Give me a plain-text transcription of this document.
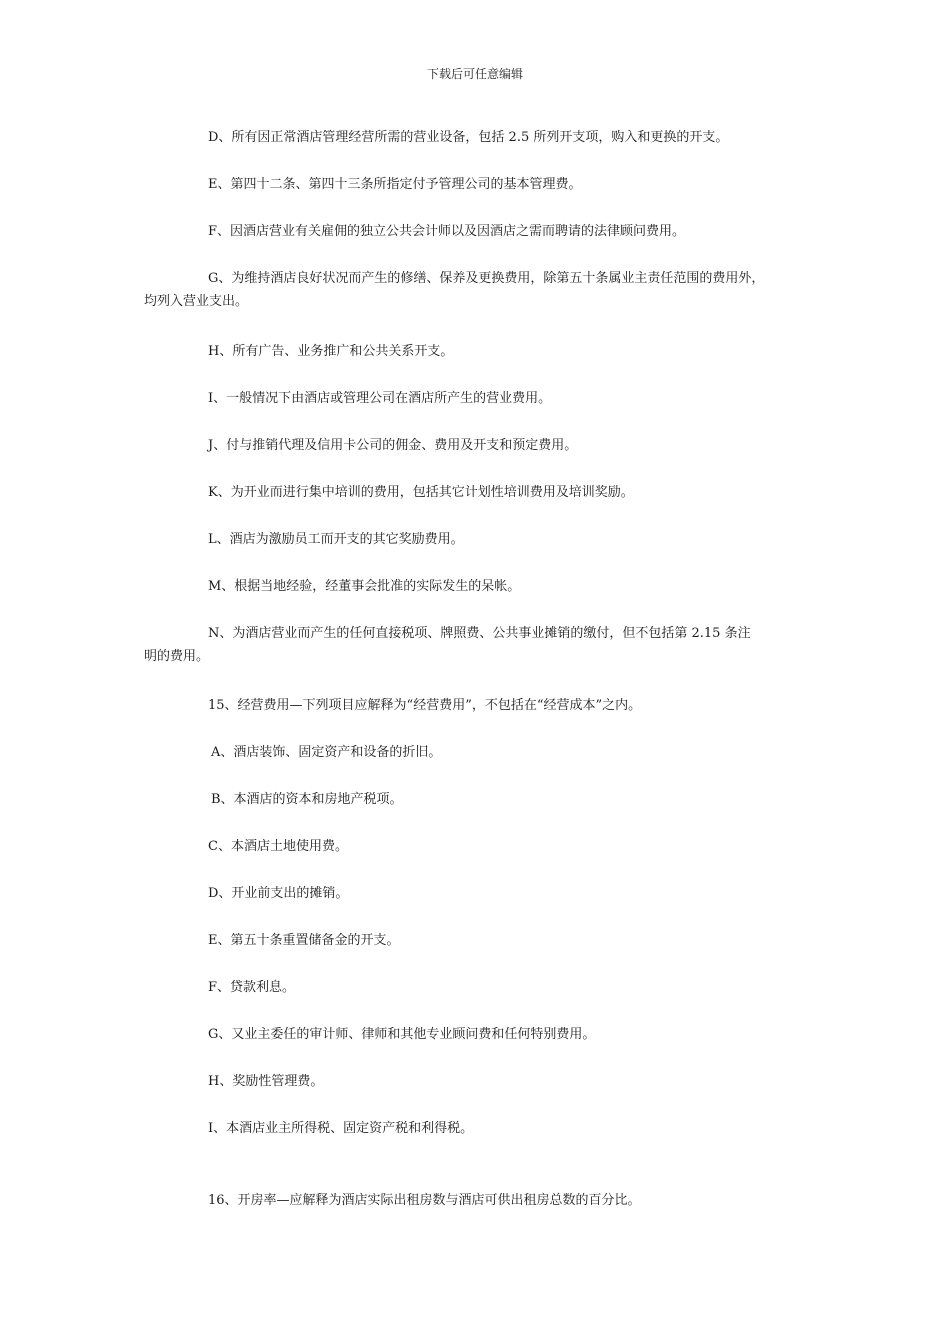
下载后可任意编辑

D、所有因正常酒店管理经营所需的营业设备，包括 2.5 所列开支项，购入和更换的开支。

E、第四十二条、第四十三条所指定付予管理公司的基本管理费。

F、因酒店营业有关雇佣的独立公共会计师以及因酒店之需而聘请的法律顾问费用。

G、为维持酒店良好状况而产生的修缮、保养及更换费用，除第五十条属业主责任范围的费用外，
均列入营业支出。

H、所有广告、业务推广和公共关系开支。

I、一般情况下由酒店或管理公司在酒店所产生的营业费用。

J、付与推销代理及信用卡公司的佣金、费用及开支和预定费用。

K、为开业而进行集中培训的费用，包括其它计划性培训费用及培训奖励。

L、酒店为激励员工而开支的其它奖励费用。

M、根据当地经验，经董事会批准的实际发生的呆帐。

N、为酒店营业而产生的任何直接税项、牌照费、公共事业摊销的缴付，但不包括第 2.15 条注
明的费用。

15、经营费用—下列项目应解释为“经营费用”，不包括在“经营成本”之内。

A、酒店装饰、固定资产和设备的折旧。

B、本酒店的资本和房地产税项。

C、本酒店土地使用费。

D、开业前支出的摊销。

E、第五十条重置储备金的开支。

F、贷款利息。

G、又业主委任的审计师、律师和其他专业顾问费和任何特别费用。

H、奖励性管理费。

I、本酒店业主所得税、固定资产税和利得税。

16、开房率—应解释为酒店实际出租房数与酒店可供出租房总数的百分比。
